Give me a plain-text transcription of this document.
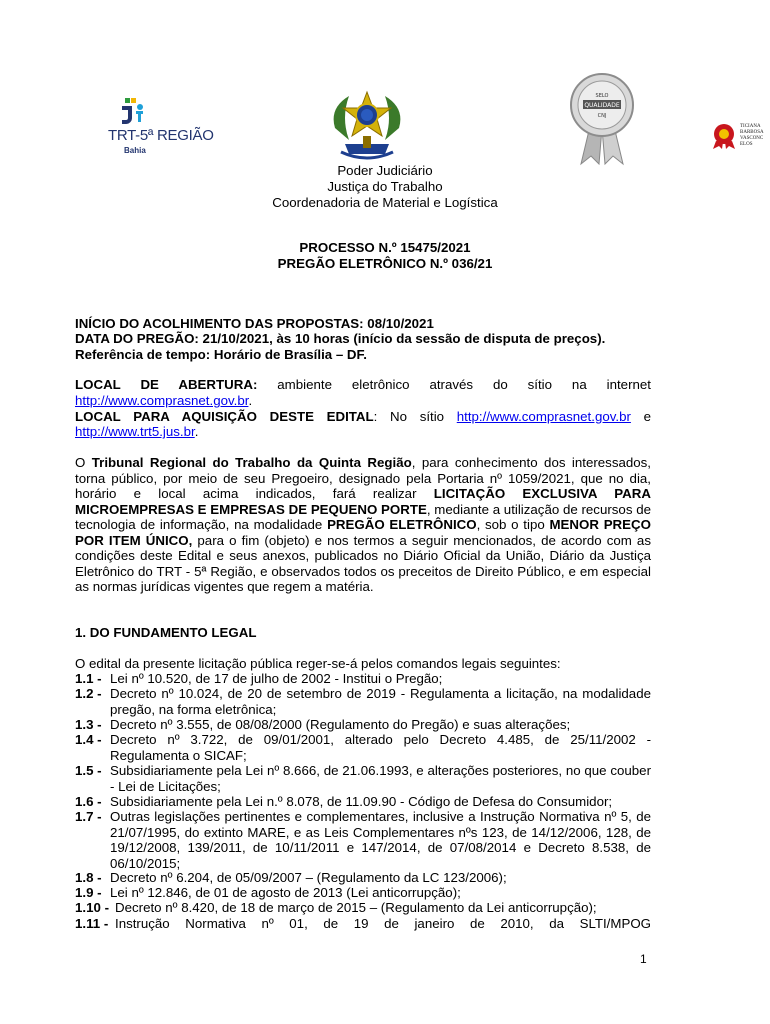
TRT-5ª REGIÃO
Bahia
QUALIDADE
SELO
CNJ
TICIANA
BARBOSA
VASCONC
ELOS
Poder Judiciário
Justiça do Trabalho
Coordenadoria de Material e Logística
PROCESSO N.º 15475/2021
PREGÃO ELETRÔNICO N.º 036/21
INÍCIO DO ACOLHIMENTO DAS PROPOSTAS: 08/10/2021
DATA DO PREGÃO: 21/10/2021, às 10 horas (início da sessão de disputa de preços).
Referência de tempo: Horário de Brasília – DF.
LOCAL DE ABERTURA: ambiente eletrônico através do sítio na internet
http://www.comprasnet.gov.br.
LOCAL PARA AQUISIÇÃO DESTE EDITAL: No sítio http://www.comprasnet.gov.br e
http://www.trt5.jus.br.
O Tribunal Regional do Trabalho da Quinta Região, para conhecimento dos interessados, torna público, por meio de seu Pregoeiro, designado pela Portaria nº 1059/2021, que no dia, horário e local acima indicados, fará realizar LICITAÇÃO EXCLUSIVA PARA MICROEMPRESAS E EMPRESAS DE PEQUENO PORTE, mediante a utilização de recursos de tecnologia de informação, na modalidade PREGÃO ELETRÔNICO, sob o tipo MENOR PREÇO POR ITEM ÚNICO, para o fim (objeto) e nos termos a seguir mencionados, de acordo com as condições deste Edital e seus anexos, publicados no Diário Oficial da União, Diário da Justiça Eletrônico do TRT - 5ª Região, e observados todos os preceitos de Direito Público, e em especial as normas jurídicas vigentes que regem a matéria.
1. DO FUNDAMENTO LEGAL
O edital da presente licitação pública reger-se-á pelos comandos legais seguintes:
1.1 - Lei nº 10.520, de 17 de julho de 2002 - Institui o Pregão;
1.2 - Decreto nº 10.024, de 20 de setembro de 2019 - Regulamenta a licitação, na modalidade pregão, na forma eletrônica;
1.3 - Decreto nº 3.555, de 08/08/2000 (Regulamento do Pregão) e suas alterações;
1.4 - Decreto nº 3.722, de 09/01/2001, alterado pelo Decreto 4.485, de 25/11/2002 - Regulamenta o SICAF;
1.5 - Subsidiariamente pela Lei nº 8.666, de 21.06.1993, e alterações posteriores, no que couber - Lei de Licitações;
1.6 - Subsidiariamente pela Lei n.º 8.078, de 11.09.90 - Código de Defesa do Consumidor;
1.7 - Outras legislações pertinentes e complementares, inclusive a Instrução Normativa nº 5, de 21/07/1995, do extinto MARE, e as Leis Complementares nºs 123, de 14/12/2006, 128, de 19/12/2008, 139/2011, de 10/11/2011 e 147/2014, de 07/08/2014 e Decreto 8.538, de 06/10/2015;
1.8 - Decreto nº 6.204, de 05/09/2007 – (Regulamento da LC 123/2006);
1.9 - Lei nº 12.846, de 01 de agosto de 2013 (Lei anticorrupção);
1.10 - Decreto nº 8.420, de 18 de março de 2015 – (Regulamento da Lei anticorrupção);
1.11 - Instrução Normativa nº 01, de 19 de janeiro de 2010, da SLTI/MPOG
1
